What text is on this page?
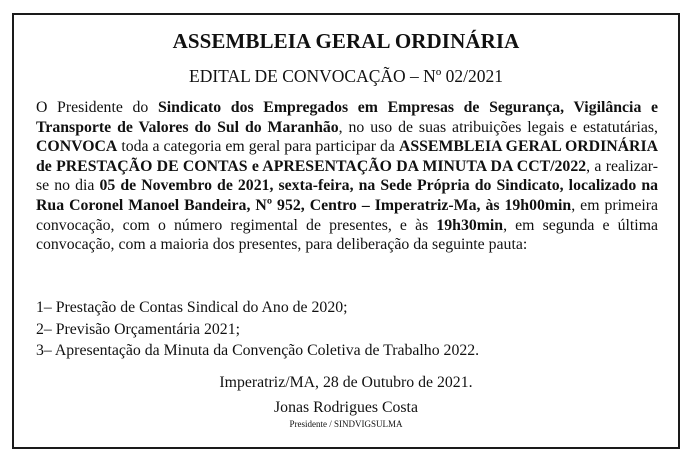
ASSEMBLEIA GERAL ORDINÁRIA
EDITAL DE CONVOCAÇÃO – Nº 02/2021

O Presidente do Sindicato dos Empregados em Empresas de Segurança, Vigilância e Transporte de Valores do Sul do Maranhão, no uso de suas atribuições legais e estatutárias, CONVOCA toda a categoria em geral para participar da ASSEMBLEIA GERAL ORDINÁRIA de PRESTAÇÃO DE CONTAS e APRESENTAÇÃO DA MINUTA DA CCT/2022, a realizar-se no dia 05 de Novembro de 2021, sexta-feira, na Sede Própria do Sindicato, localizado na Rua Coronel Manoel Bandeira, Nº 952, Centro – Imperatriz-Ma, às 19h00min, em primeira convocação, com o número regimental de presentes, e às 19h30min, em segunda e última convocação, com a maioria dos presentes, para deliberação da seguinte pauta:

1– Prestação de Contas Sindical do Ano de 2020;
2– Previsão Orçamentária 2021;
3– Apresentação da Minuta da Convenção Coletiva de Trabalho 2022.
Imperatriz/MA, 28 de Outubro de 2021.
Jonas Rodrigues Costa
Presidente / SINDVIGSULMA
